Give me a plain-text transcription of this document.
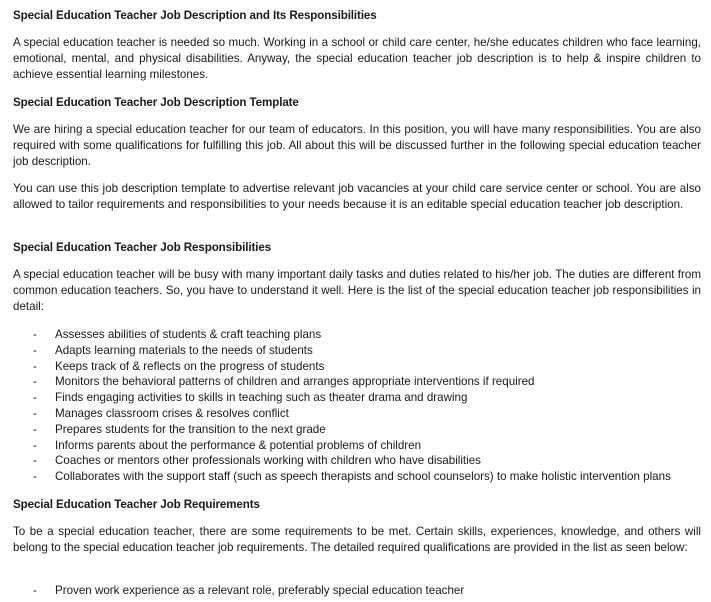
Special Education Teacher Job Description and Its Responsibilities

A special education teacher is needed so much. Working in a school or child care center, he/she educates children who face learning, emotional, mental, and physical disabilities. Anyway, the special education teacher job description is to help & inspire children to achieve essential learning milestones.

Special Education Teacher Job Description Template

We are hiring a special education teacher for our team of educators. In this position, you will have many responsibilities. You are also required with some qualifications for fulfilling this job. All about this will be discussed further in the following special education teacher job description.

You can use this job description template to advertise relevant job vacancies at your child care service center or school. You are also allowed to tailor requirements and responsibilities to your needs because it is an editable special education teacher job description.

Special Education Teacher Job Responsibilities

A special education teacher will be busy with many important daily tasks and duties related to his/her job. The duties are different from common education teachers. So, you have to understand it well. Here is the list of the special education teacher job responsibilities in detail:

- Assesses abilities of students & craft teaching plans
- Adapts learning materials to the needs of students
- Keeps track of & reflects on the progress of students
- Monitors the behavioral patterns of children and arranges appropriate interventions if required
- Finds engaging activities to skills in teaching such as theater drama and drawing
- Manages classroom crises & resolves conflict
- Prepares students for the transition to the next grade
- Informs parents about the performance & potential problems of children
- Coaches or mentors other professionals working with children who have disabilities
- Collaborates with the support staff (such as speech therapists and school counselors) to make holistic intervention plans
Special Education Teacher Job Requirements

To be a special education teacher, there are some requirements to be met. Certain skills, experiences, knowledge, and others will belong to the special education teacher job requirements. The detailed required qualifications are provided in the list as seen below:

- Proven work experience as a relevant role, preferably special education teacher
